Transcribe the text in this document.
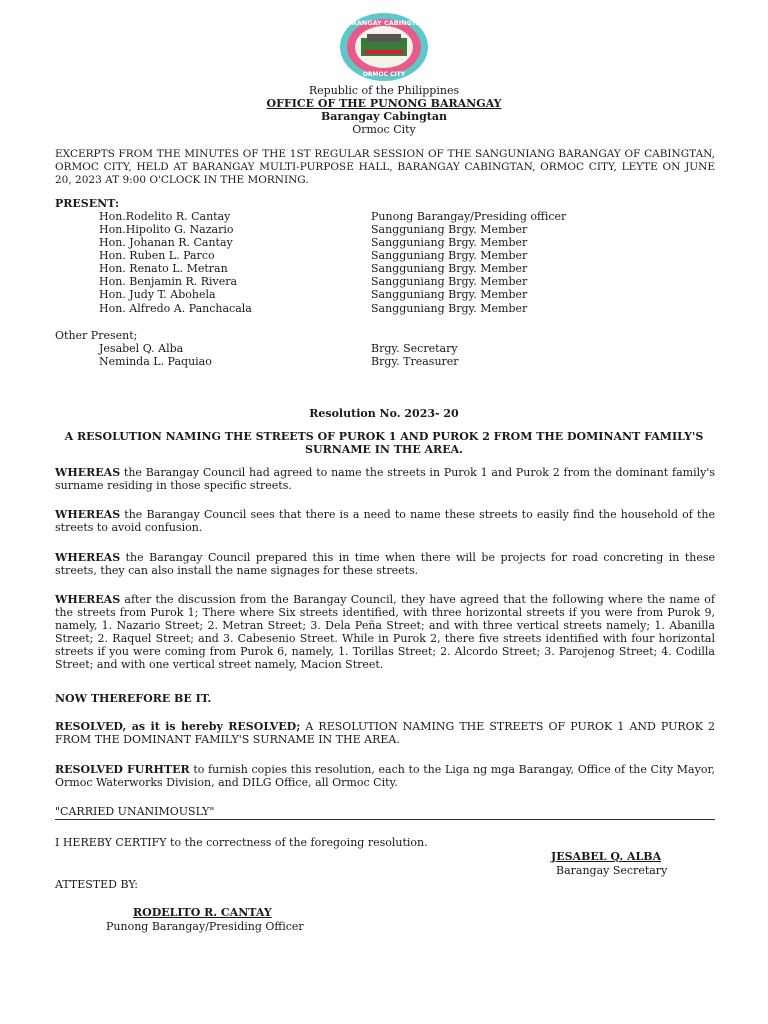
BARANGAY CABINGTAN
ORMOC CITY
Republic of the Philippines
OFFICE OF THE PUNONG BARANGAY
Barangay Cabingtan
Ormoc City
EXCERPTS FROM THE MINUTES OF THE 1ST REGULAR SESSION OF THE SANGUNIANG BARANGAY OF CABINGTAN, ORMOC CITY, HELD AT BARANGAY MULTI-PURPOSE HALL, BARANGAY CABINGTAN, ORMOC CITY, LEYTE ON JUNE 20, 2023 AT 9:00 O'CLOCK IN THE MORNING.
PRESENT:
Hon.Rodelito R. Cantay	Punong Barangay/Presiding officer
Hon.Hipolito G. Nazario	Sangguniang Brgy. Member
Hon. Johanan R. Cantay	Sangguniang Brgy. Member
Hon. Ruben L. Parco	Sangguniang Brgy. Member
Hon. Renato L. Metran	Sangguniang Brgy. Member
Hon. Benjamin R. Rivera	Sangguniang Brgy. Member
Hon. Judy T. Abohela	Sangguniang Brgy. Member
Hon. Alfredo A. Panchacala	Sangguniang Brgy. Member
Other Present;
Jesabel Q. Alba	Brgy. Secretary
Neminda L. Paquiao	Brgy. Treasurer
Resolution No. 2023- 20
A RESOLUTION NAMING THE STREETS OF PUROK 1 AND PUROK 2 FROM THE DOMINANT FAMILY'S
SURNAME IN THE AREA.
WHEREAS the Barangay Council had agreed to name the streets in Purok 1 and Purok 2 from the dominant family's surname residing in those specific streets.
WHEREAS the Barangay Council sees that there is a need to name these streets to easily find the household of the streets to avoid confusion.
WHEREAS the Barangay Council prepared this in time when there will be projects for road concreting in these streets, they can also install the name signages for these streets.
WHEREAS after the discussion from the Barangay Council, they have agreed that the following where the name of the streets from Purok 1; There where Six streets identified, with three horizontal streets if you were from Purok 9, namely, 1. Nazario Street; 2. Metran Street; 3. Dela Peña Street; and with three vertical streets namely; 1. Abanilla Street; 2. Raquel Street; and 3. Cabesenio Street. While in Purok 2, there five streets identified with four horizontal streets if you were coming from Purok 6, namely, 1. Torillas Street; 2. Alcordo Street; 3. Parojenog Street; 4. Codilla Street; and with one vertical street namely, Macion Street.
NOW THEREFORE BE IT.
RESOLVED, as it is hereby RESOLVED; A RESOLUTION NAMING THE STREETS OF PUROK 1 AND PUROK 2 FROM THE DOMINANT FAMILY'S SURNAME IN THE AREA.
RESOLVED FURHTER to furnish copies this resolution, each to the Liga ng mga Barangay, Office of the City Mayor, Ormoc Waterworks Division, and DILG Office, all Ormoc City.
"CARRIED UNANIMOUSLY"
I HEREBY CERTIFY to the correctness of the foregoing resolution.
JESABEL Q. ALBA
Barangay Secretary
ATTESTED BY:
RODELITO R. CANTAY
Punong Barangay/Presiding Officer
